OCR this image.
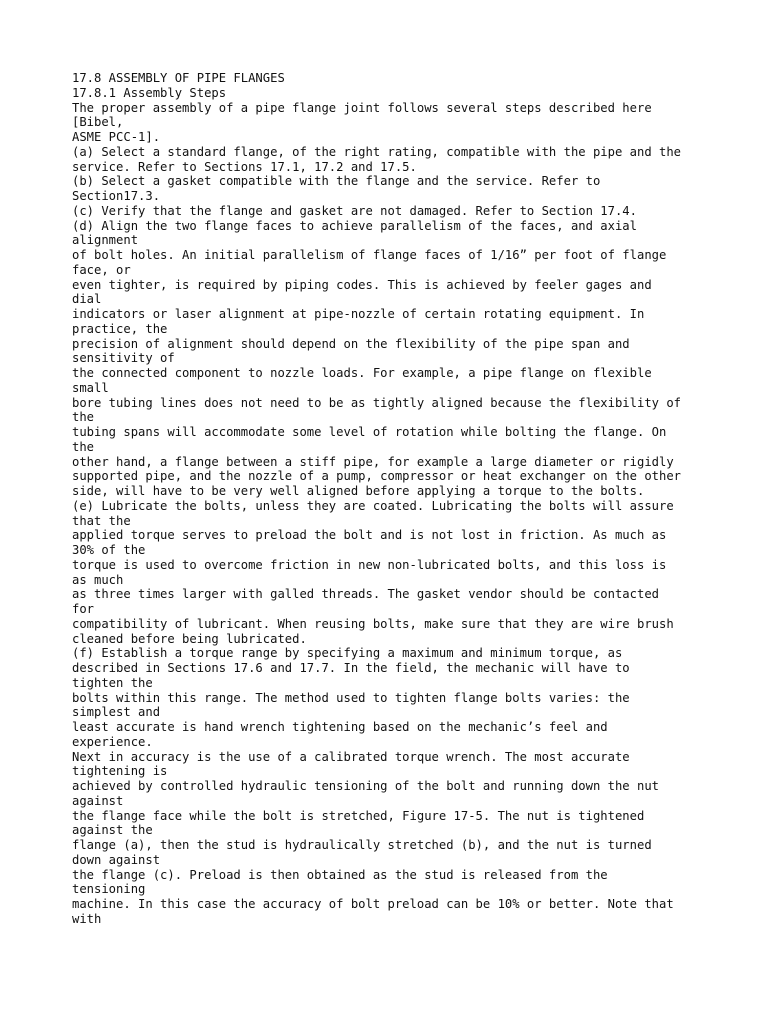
17.8 ASSEMBLY OF PIPE FLANGES
17.8.1 Assembly Steps
The proper assembly of a pipe flange joint follows several steps described here
[Bibel,
ASME PCC-1].
(a) Select a standard flange, of the right rating, compatible with the pipe and the
service. Refer to Sections 17.1, 17.2 and 17.5.
(b) Select a gasket compatible with the flange and the service. Refer to
Section17.3.
(c) Verify that the flange and gasket are not damaged. Refer to Section 17.4.
(d) Align the two flange faces to achieve parallelism of the faces, and axial
alignment
of bolt holes. An initial parallelism of flange faces of 1/16” per foot of flange
face, or
even tighter, is required by piping codes. This is achieved by feeler gages and
dial
indicators or laser alignment at pipe-nozzle of certain rotating equipment. In
practice, the
precision of alignment should depend on the flexibility of the pipe span and
sensitivity of
the connected component to nozzle loads. For example, a pipe flange on flexible
small
bore tubing lines does not need to be as tightly aligned because the flexibility of
the
tubing spans will accommodate some level of rotation while bolting the flange. On
the
other hand, a flange between a stiff pipe, for example a large diameter or rigidly
supported pipe, and the nozzle of a pump, compressor or heat exchanger on the other
side, will have to be very well aligned before applying a torque to the bolts.
(e) Lubricate the bolts, unless they are coated. Lubricating the bolts will assure
that the
applied torque serves to preload the bolt and is not lost in friction. As much as
30% of the
torque is used to overcome friction in new non-lubricated bolts, and this loss is
as much
as three times larger with galled threads. The gasket vendor should be contacted
for
compatibility of lubricant. When reusing bolts, make sure that they are wire brush
cleaned before being lubricated.
(f) Establish a torque range by specifying a maximum and minimum torque, as
described in Sections 17.6 and 17.7. In the field, the mechanic will have to
tighten the
bolts within this range. The method used to tighten flange bolts varies: the
simplest and
least accurate is hand wrench tightening based on the mechanic’s feel and
experience.
Next in accuracy is the use of a calibrated torque wrench. The most accurate
tightening is
achieved by controlled hydraulic tensioning of the bolt and running down the nut
against
the flange face while the bolt is stretched, Figure 17-5. The nut is tightened
against the
flange (a), then the stud is hydraulically stretched (b), and the nut is turned
down against
the flange (c). Preload is then obtained as the stud is released from the
tensioning
machine. In this case the accuracy of bolt preload can be 10% or better. Note that
with
